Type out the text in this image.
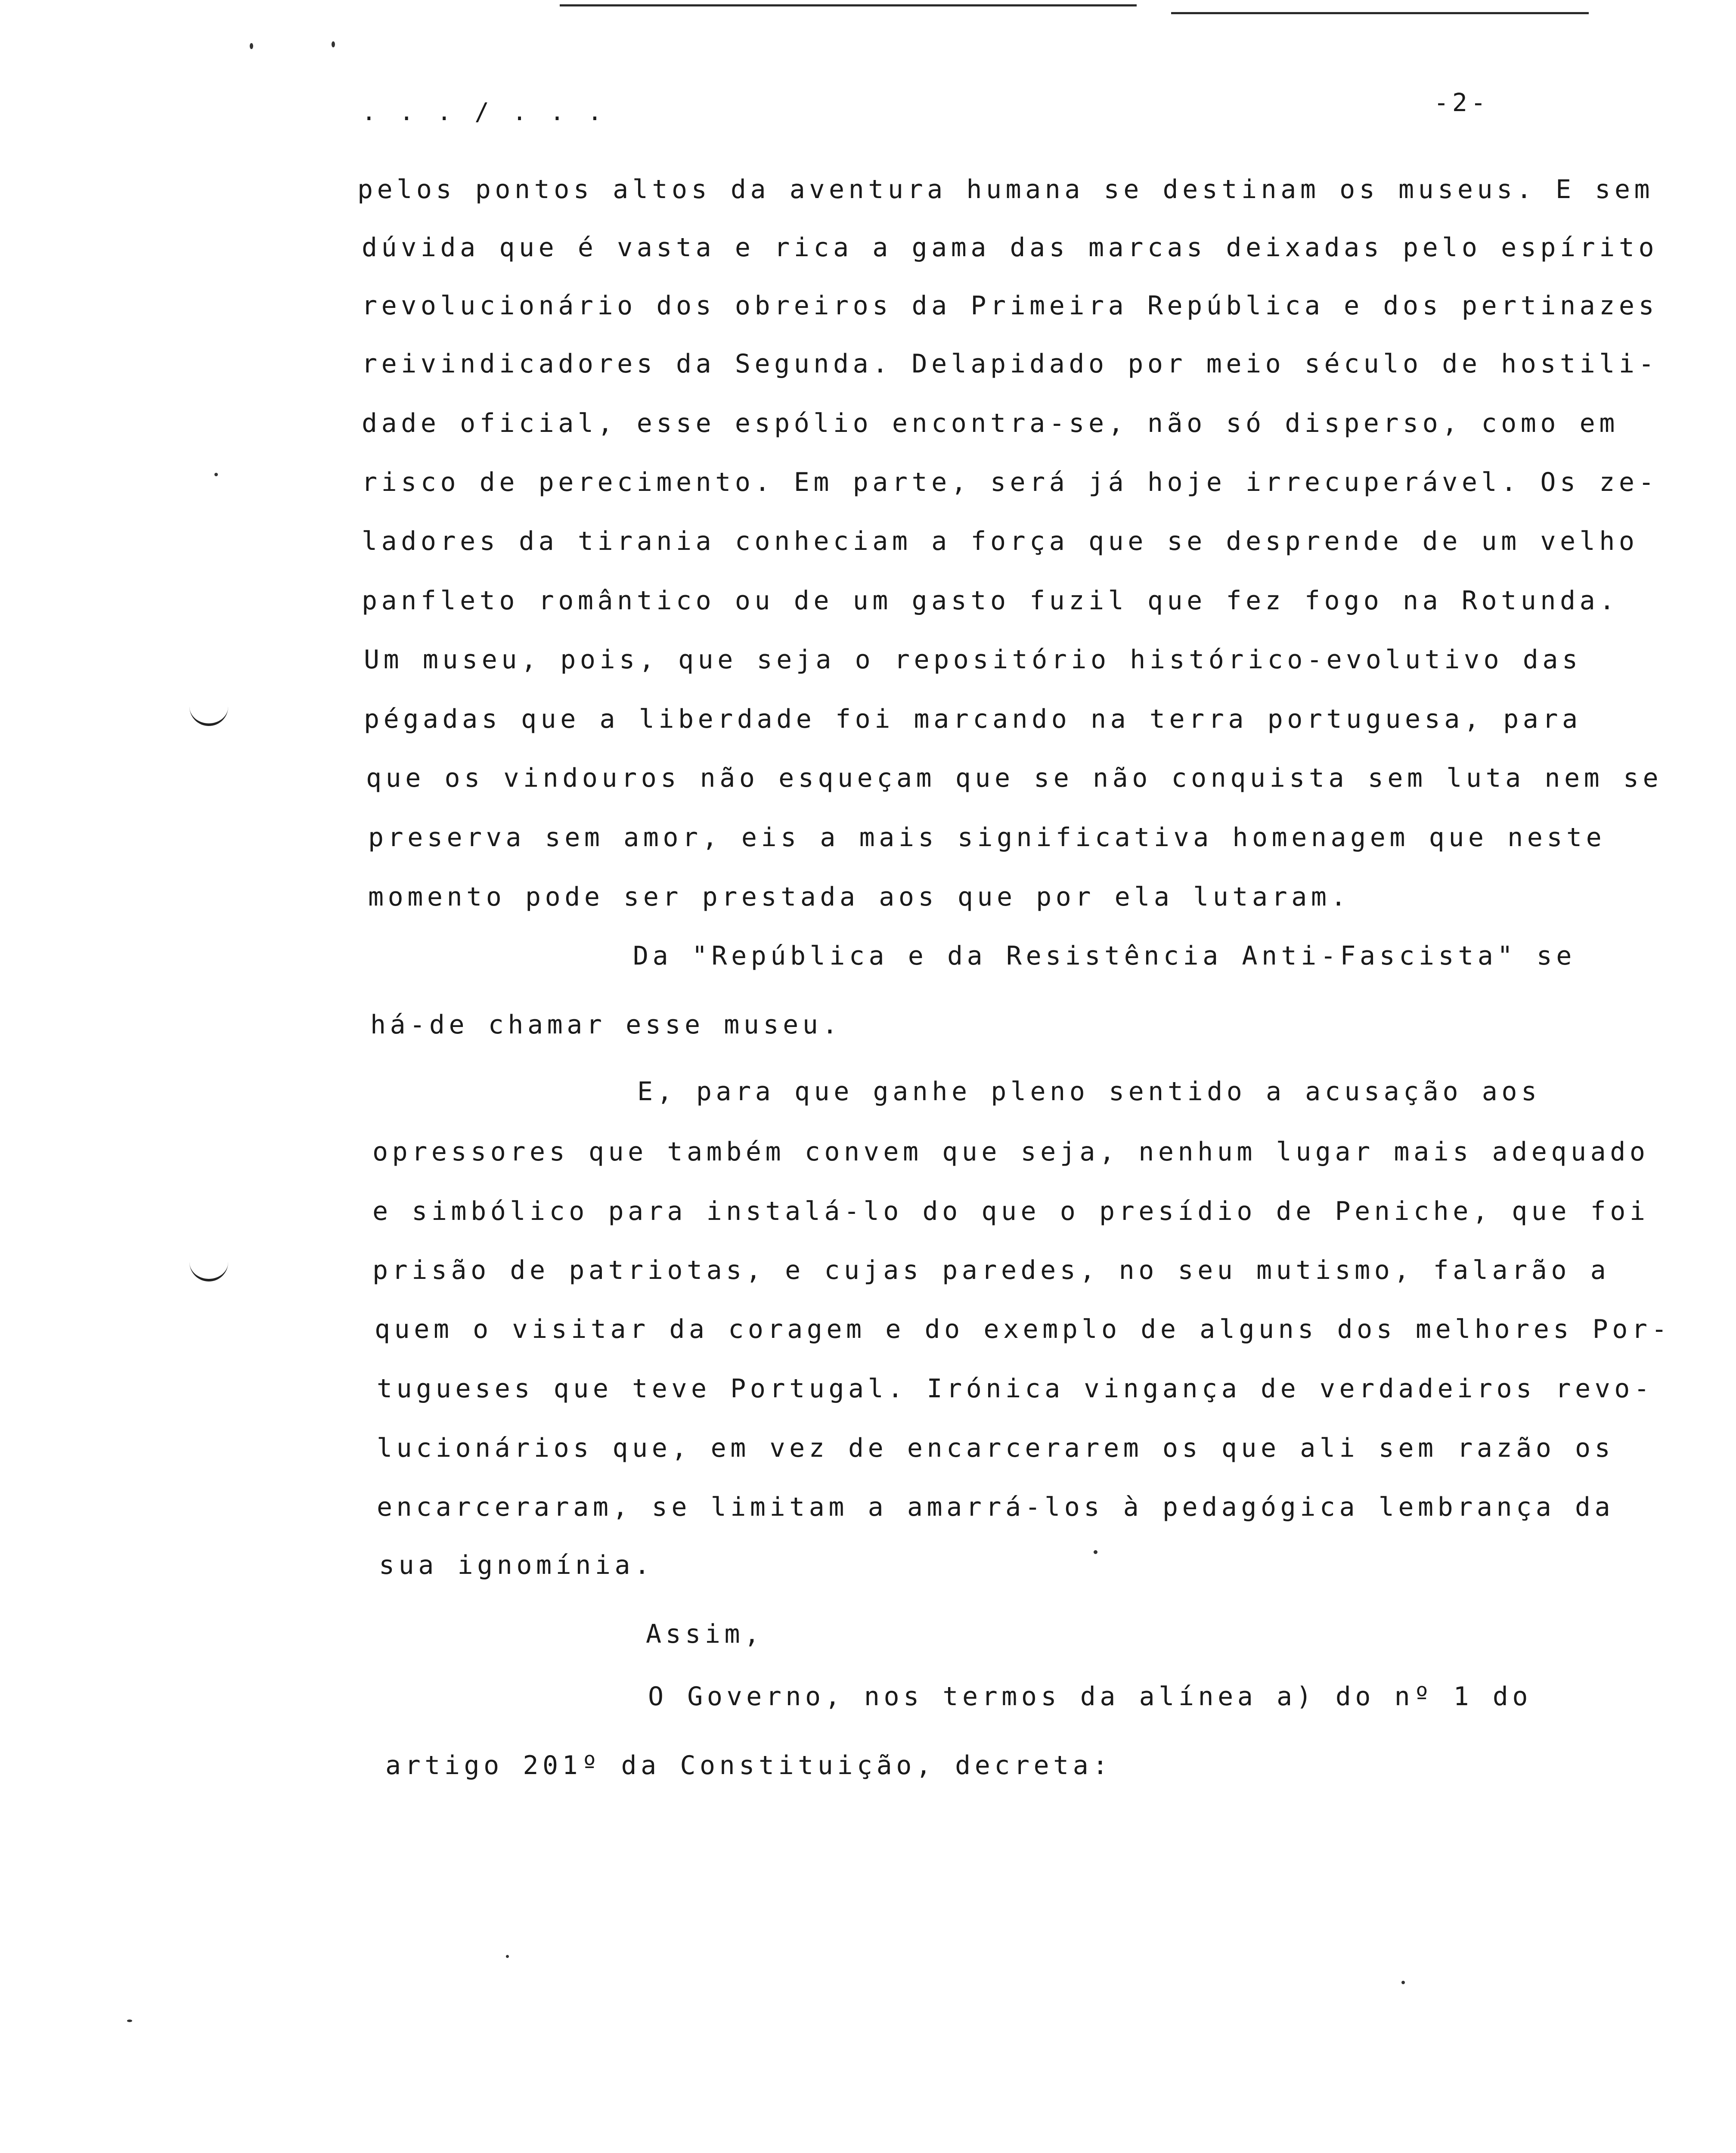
. . . / . . .	-2-
pelos pontos altos da aventura humana se destinam os museus. E sem
dúvida que é vasta e rica a gama das marcas deixadas pelo espírito
revolucionário dos obreiros da Primeira República e dos pertinazes
reivindicadores da Segunda. Delapidado por meio século de hostili-
dade oficial, esse espólio encontra-se, não só disperso, como em
risco de perecimento. Em parte, será já hoje irrecuperável. Os ze-
ladores da tirania conheciam a força que se desprende de um velho
panfleto romântico ou de um gasto fuzil que fez fogo na Rotunda.
Um museu, pois, que seja o repositório histórico-evolutivo das
pégadas que a liberdade foi marcando na terra portuguesa, para
que os vindouros não esqueçam que se não conquista sem luta nem se
preserva sem amor, eis a mais significativa homenagem que neste
momento pode ser prestada aos que por ela lutaram.
Da "República e da Resistência Anti-Fascista" se
há-de chamar esse museu.
E, para que ganhe pleno sentido a acusação aos
opressores que também convem que seja, nenhum lugar mais adequado
e simbólico para instalá-lo do que o presídio de Peniche, que foi
prisão de patriotas, e cujas paredes, no seu mutismo, falarão a
quem o visitar da coragem e do exemplo de alguns dos melhores Por-
tugueses que teve Portugal. Irónica vingança de verdadeiros revo-
lucionários que, em vez de encarcerarem os que ali sem razão os
encarceraram, se limitam a amarrá-los à pedagógica lembrança da
sua ignomínia.
Assim,
O Governo, nos termos da alínea a) do nº 1 do
artigo 201º da Constituição, decreta:
